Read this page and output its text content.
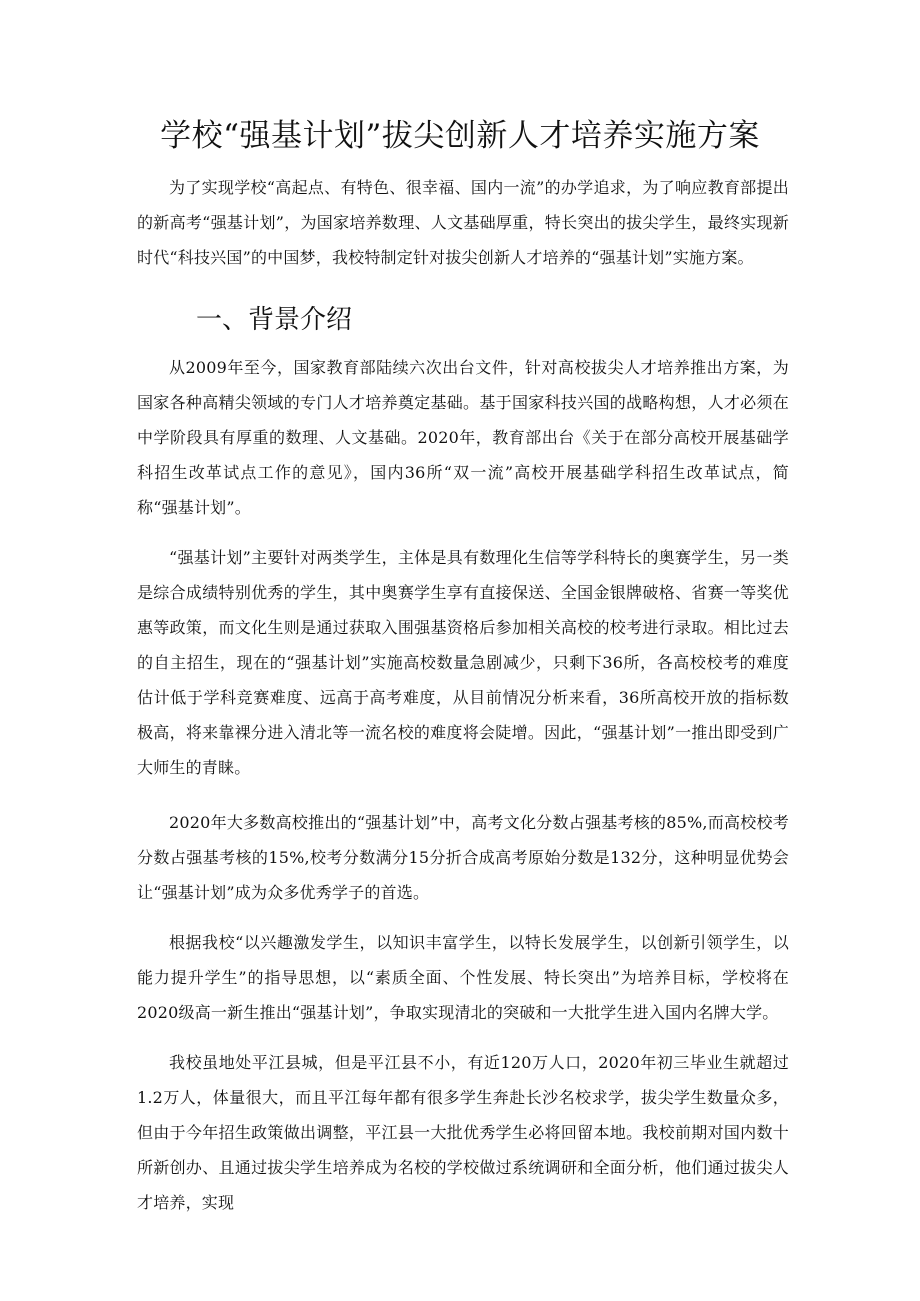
学校“强基计划”拔尖创新人才培养实施方案

为了实现学校“高起点、有特色、很幸福、国内一流”的办学追求，为了响应教育部提出的新高考“强基计划”，为国家培养数理、人文基础厚重，特长突出的拔尖学生，最终实现新时代“科技兴国”的中国梦，我校特制定针对拔尖创新人才培养的“强基计划”实施方案。

一、背景介绍

从2009年至今，国家教育部陆续六次出台文件，针对高校拔尖人才培养推出方案，为国家各种高精尖领域的专门人才培养奠定基础。基于国家科技兴国的战略构想，人才必须在中学阶段具有厚重的数理、人文基础。2020年，教育部出台《关于在部分高校开展基础学科招生改革试点工作的意见》，国内36所“双一流”高校开展基础学科招生改革试点，简称“强基计划”。

“强基计划”主要针对两类学生，主体是具有数理化生信等学科特长的奥赛学生，另一类是综合成绩特别优秀的学生，其中奥赛学生享有直接保送、全国金银牌破格、省赛一等奖优惠等政策，而文化生则是通过获取入围强基资格后参加相关高校的校考进行录取。相比过去的自主招生，现在的“强基计划”实施高校数量急剧减少，只剩下36所，各高校校考的难度估计低于学科竞赛难度、远高于高考难度，从目前情况分析来看，36所高校开放的指标数极高，将来靠裸分进入清北等一流名校的难度将会陡增。因此，“强基计划”一推出即受到广大师生的青睐。

2020年大多数高校推出的“强基计划”中，高考文化分数占强基考核的85%,而高校校考分数占强基考核的15%,校考分数满分15分折合成高考原始分数是132分，这种明显优势会让“强基计划”成为众多优秀学子的首选。

根据我校“以兴趣激发学生，以知识丰富学生，以特长发展学生，以创新引领学生，以能力提升学生”的指导思想，以“素质全面、个性发展、特长突出”为培养目标，学校将在2020级高一新生推出“强基计划”，争取实现清北的突破和一大批学生进入国内名牌大学。

我校虽地处平江县城，但是平江县不小，有近120万人口，2020年初三毕业生就超过1.2万人，体量很大，而且平江每年都有很多学生奔赴长沙名校求学，拔尖学生数量众多，但由于今年招生政策做出调整，平江县一大批优秀学生必将回留本地。我校前期对国内数十所新创办、且通过拔尖学生培养成为名校的学校做过系统调研和全面分析，他们通过拔尖人才培养，实现
